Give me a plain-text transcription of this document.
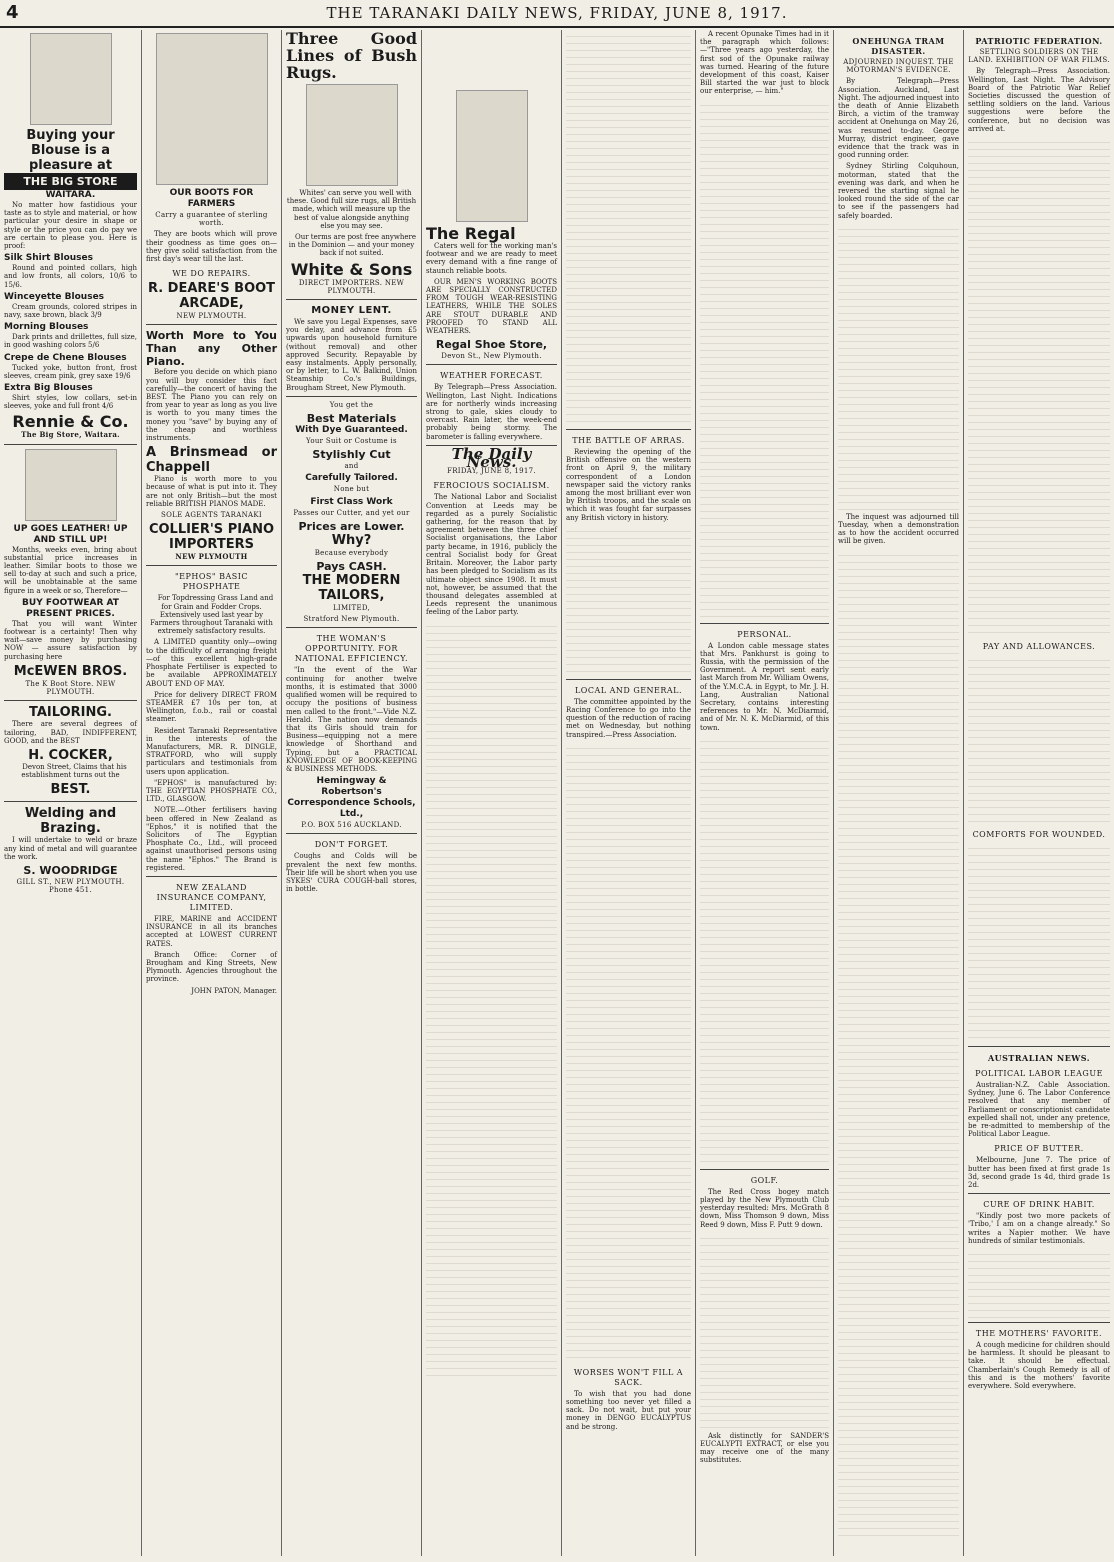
4	THE TARANAKI DAILY NEWS, FRIDAY, JUNE 8, 1917.
Buying your Blouse is a pleasure at
THE BIG STORE
WAITARA.

No matter how fastidious your taste as to style and material, or how particular your desire in shape or style or the price you can do pay we are certain to please you. Here is proof:

Silk Shirt Blouses

Round and pointed collars, high and low fronts, all colors, 10/6 to 15/6.

Winceyette Blouses

Cream grounds, colored stripes in navy, saxe brown, black 3/9

Morning Blouses

Dark prints and drillettes, full size, in good washing colors 5/6

Crepe de Chene Blouses

Tucked yoke, button front, frost sleeves, cream pink, grey saxe 19/6

Extra Big Blouses

Shirt styles, low collars, set-in sleeves, yoke and full front 4/6

Rennie & Co.
The Big Store, Waitara.
UP GOES LEATHER! UP AND STILL UP!

Months, weeks even, bring about substantial price increases in leather. Similar boots to those we sell to-day at such and such a price, will be unobtainable at the same figure in a week or so, Therefore—

BUY FOOTWEAR AT PRESENT PRICES.

That you will want Winter footwear is a certainty! Then why wait—save money by purchasing NOW — assure satisfaction by purchasing here

McEWEN BROS.
The K Boot Store. NEW PLYMOUTH.
TAILORING.

There are several degrees of tailoring, BAD, INDIFFERENT, GOOD, and the BEST

H. COCKER,

Devon Street, Claims that his establishment turns out the

BEST.
Welding and Brazing.

I will undertake to weld or braze any kind of metal and will guarantee the work.

S. WOODRIDGE
GILL ST., NEW PLYMOUTH. Phone 451.
OUR BOOTS FOR FARMERS
Carry a guarantee of sterling worth.

They are boots which will prove their goodness as time goes on—they give solid satisfaction from the first day's wear till the last.

WE DO REPAIRS.
R. DEARE'S BOOT ARCADE,
NEW PLYMOUTH.
Worth More to You Than any Other Piano.

Before you decide on which piano you will buy consider this fact carefully—the concert of having the BEST. The Piano you can rely on from year to year as long as you live is worth to you many times the money you "save" by buying any of the cheap and worthless instruments.

A Brinsmead or Chappell

Piano is worth more to you because of what is put into it. They are not only British—but the most reliable BRITISH PIANOS MADE.

SOLE AGENTS TARANAKI
COLLIER'S PIANO IMPORTERS
NEW PLYMOUTH
"EPHOS" BASIC PHOSPHATE

For Topdressing Grass Land and for Grain and Fodder Crops. Extensively used last year by Farmers throughout Taranaki with extremely satisfactory results.

A LIMITED quantity only—owing to the difficulty of arranging freight—of this excellent high-grade Phosphate Fertiliser is expected to be available APPROXIMATELY ABOUT END OF MAY.

Price for delivery DIRECT FROM STEAMER £7 10s per ton, at Wellington, f.o.b., rail or coastal steamer.

Resident Taranaki Representative in the interests of the Manufacturers, MR. R. DINGLE, STRATFORD, who will supply particulars and testimonials from users upon application.

"EPHOS" is manufactured by: THE EGYPTIAN PHOSPHATE CO., LTD., GLASGOW.

NOTE.—Other fertilisers having been offered in New Zealand as "Ephos," it is notified that the Solicitors of The Egyptian Phosphate Co., Ltd., will proceed against unauthorised persons using the name "Ephos." The Brand is registered.

NEW ZEALAND INSURANCE COMPANY, LIMITED.

FIRE, MARINE and ACCIDENT INSURANCE in all its branches accepted at LOWEST CURRENT RATES.

Branch Office: Corner of Brougham and King Streets, New Plymouth. Agencies throughout the province.

JOHN PATON, Manager.
Three Good Lines of Bush Rugs.

Whites' can serve you well with these. Good full size rugs, all British made, which will measure up the best of value alongside anything else you may see.

Our terms are post free anywhere in the Dominion — and your money back if not suited.

White & Sons
DIRECT IMPORTERS. NEW PLYMOUTH.
MONEY LENT.

We save you Legal Expenses, save you delay, and advance from £5 upwards upon household furniture (without removal) and other approved Security. Repayable by easy instalments. Apply personally, or by letter, to L. W. Balkind, Union Steamship Co.'s Buildings, Brougham Street, New Plymouth.

You get the
Best Materials
With Dye Guaranteed.
Your Suit or Costume is
Stylishly Cut
and
Carefully Tailored.
None but
First Class Work
Passes our Cutter, and yet our
Prices are Lower.
Why?
Because everybody
Pays CASH.
THE MODERN TAILORS,
LIMITED,
Stratford New Plymouth.
THE WOMAN'S OPPORTUNITY. FOR NATIONAL EFFICIENCY.

"In the event of the War continuing for another twelve months, it is estimated that 3000 qualified women will be required to occupy the positions of business men called to the front."—Vide N.Z. Herald. The nation now demands that its Girls should train for Business—equipping not a mere knowledge of Shorthand and Typing, but a PRACTICAL KNOWLEDGE OF BOOK-KEEPING & BUSINESS METHODS.

Hemingway & Robertson's Correspondence Schools, Ltd.,
P.O. BOX 516 AUCKLAND.
DON'T FORGET.

Coughs and Colds will be prevalent the next few months. Their life will be short when you use SYKES' CURA COUGH-ball stores, in bottle.

The Regal

Caters well for the working man's footwear and we are ready to meet every demand with a fine range of staunch reliable boots.

OUR MEN'S WORKING BOOTS ARE SPECIALLY CONSTRUCTED FROM TOUGH WEAR-RESISTING LEATHERS, WHILE THE SOLES ARE STOUT DURABLE AND PROOFED TO STAND ALL WEATHERS.

Regal Shoe Store,
Devon St., New Plymouth.
WEATHER FORECAST.

By Telegraph—Press Association. Wellington, Last Night. Indications are for northerly winds increasing strong to gale, skies cloudy to overcast. Rain later, the week-end probably being stormy. The barometer is falling everywhere.

The Daily News.
FRIDAY, JUNE 8, 1917.
FEROCIOUS SOCIALISM.

The National Labor and Socialist Convention at Leeds may be regarded as a purely Socialistic gathering, for the reason that by agreement between the three chief Socialist organisations, the Labor party became, in 1916, publicly the central Socialist body for Great Britain. Moreover, the Labor party has been pledged to Socialism as its ultimate object since 1908. It must not, however, be assumed that the thousand delegates assembled at Leeds represent the unanimous feeling of the Labor party.

THE BATTLE OF ARRAS.

Reviewing the opening of the British offensive on the western front on April 9, the military correspondent of a London newspaper said the victory ranks among the most brilliant ever won by British troops, and the scale on which it was fought far surpasses any British victory in history.

LOCAL AND GENERAL.

The committee appointed by the Racing Conference to go into the question of the reduction of racing met on Wednesday, but nothing transpired.—Press Association.

WORSES WON'T FILL A SACK.

To wish that you had done something too never yet filled a sack. Do not wait, but put your money in DENGO EUCALYPTUS and be strong.

A recent Opunake Times had in it the paragraph which follows:—"Three years ago yesterday, the first sod of the Opunake railway was turned. Hearing of the future development of this coast, Kaiser Bill started the war just to block our enterprise, — him."

PERSONAL.

A London cable message states that Mrs. Pankhurst is going to Russia, with the permission of the Government. A report sent early last March from Mr. William Owens, of the Y.M.C.A. in Egypt, to Mr. J. H. Lang, Australian National Secretary, contains interesting references to Mr. N. McDiarmid, and of Mr. N. K. McDiarmid, of this town.

GOLF.

The Red Cross bogey match played by the New Plymouth Club yesterday resulted: Mrs. McGrath 8 down, Miss Thomson 9 down, Miss Reed 9 down, Miss F. Putt 9 down.

Ask distinctly for SANDER'S EUCALYPTI EXTRACT, or else you may receive one of the many substitutes.

ONEHUNGA TRAM DISASTER.
ADJOURNED INQUEST. THE MOTORMAN'S EVIDENCE.

By Telegraph—Press Association. Auckland, Last Night. The adjourned inquest into the death of Annie Elizabeth Birch, a victim of the tramway accident at Onehunga on May 26, was resumed to-day. George Murray, district engineer, gave evidence that the track was in good running order.

Sydney Stirling Colquhoun, motorman, stated that the evening was dark, and when he reversed the starting signal he looked round the side of the car to see if the passengers had safely boarded.

The inquest was adjourned till Tuesday, when a demonstration as to how the accident occurred will be given.

PATRIOTIC FEDERATION.
SETTLING SOLDIERS ON THE LAND. EXHIBITION OF WAR FILMS.

By Telegraph—Press Association. Wellington, Last Night. The Advisory Board of the Patriotic War Relief Societies discussed the question of settling soldiers on the land. Various suggestions were before the conference, but no decision was arrived at.

PAY AND ALLOWANCES.
COMFORTS FOR WOUNDED.
AUSTRALIAN NEWS.
POLITICAL LABOR LEAGUE

Australian-N.Z. Cable Association. Sydney, June 6. The Labor Conference resolved that any member of Parliament or conscriptionist candidate expelled shall not, under any pretence, be re-admitted to membership of the Political Labor League.

PRICE OF BUTTER.

Melbourne, June 7. The price of butter has been fixed at first grade 1s 3d, second grade 1s 4d, third grade 1s 2d.

CURE OF DRINK HABIT.

"Kindly post two more packets of 'Tribo,' I am on a change already." So writes a Napier mother. We have hundreds of similar testimonials.

THE MOTHERS' FAVORITE.

A cough medicine for children should be harmless. It should be pleasant to take. It should be effectual. Chamberlain's Cough Remedy is all of this and is the mothers' favorite everywhere. Sold everywhere.
